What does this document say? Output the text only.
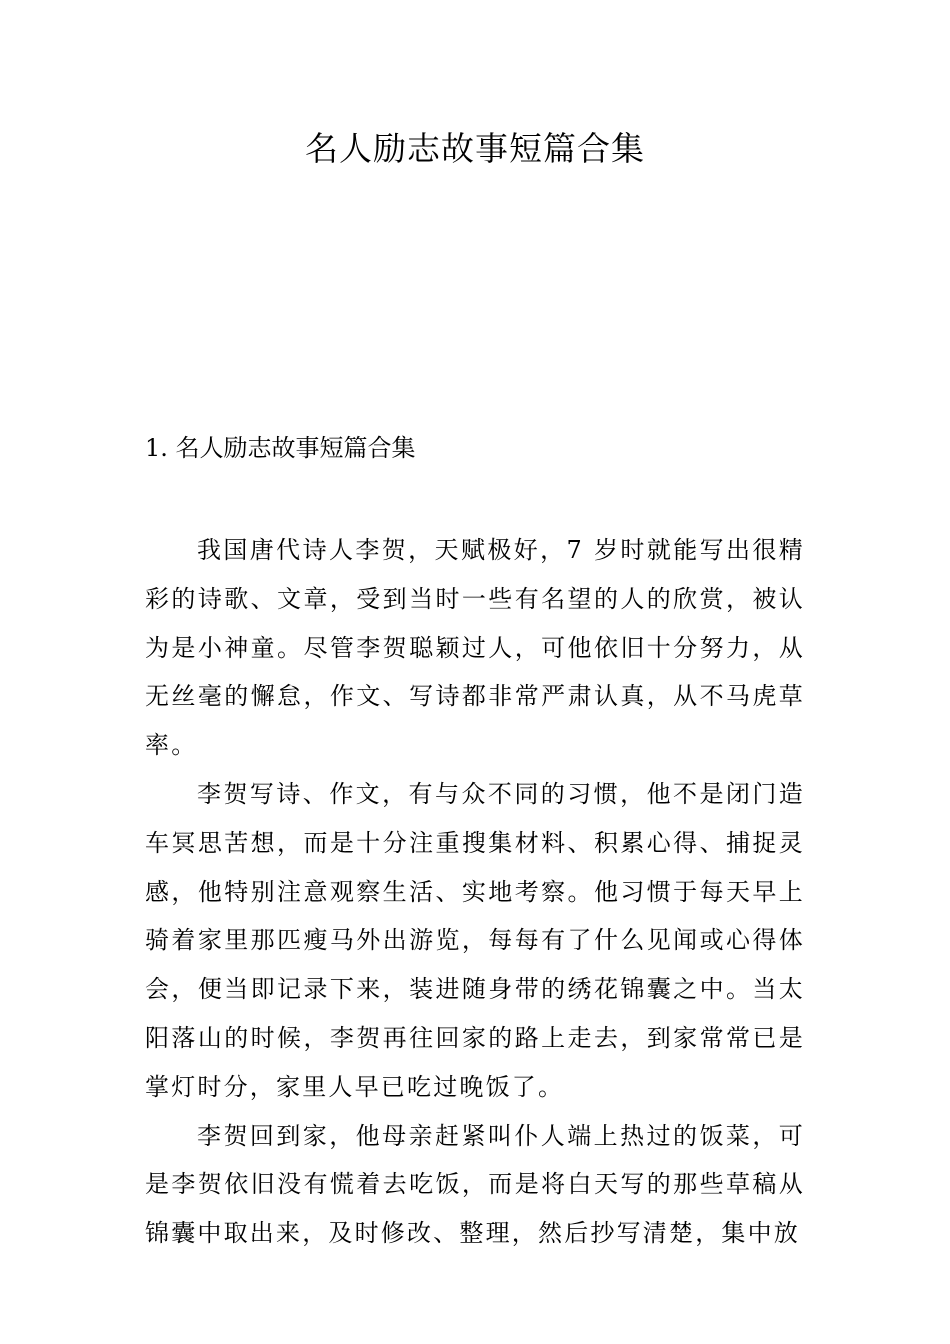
名人励志故事短篇合集
1. 名人励志故事短篇合集

我国唐代诗人李贺，天赋极好，7 岁时就能写出很精彩的诗歌、文章，受到当时一些有名望的人的欣赏，被认为是小神童。尽管李贺聪颖过人，可他依旧十分努力，从无丝毫的懈怠，作文、写诗都非常严肃认真，从不马虎草率。

李贺写诗、作文，有与众不同的习惯，他不是闭门造车冥思苦想，而是十分注重搜集材料、积累心得、捕捉灵感，他特别注意观察生活、实地考察。他习惯于每天早上骑着家里那匹瘦马外出游览，每每有了什么见闻或心得体会，便当即记录下来，装进随身带的绣花锦囊之中。当太阳落山的时候，李贺再往回家的路上走去，到家常常已是掌灯时分，家里人早已吃过晚饭了。

李贺回到家，他母亲赶紧叫仆人端上热过的饭菜，可是李贺依旧没有慌着去吃饭，而是将白天写的那些草稿从锦囊中取出来，及时修改、整理，然后抄写清楚，集中放
